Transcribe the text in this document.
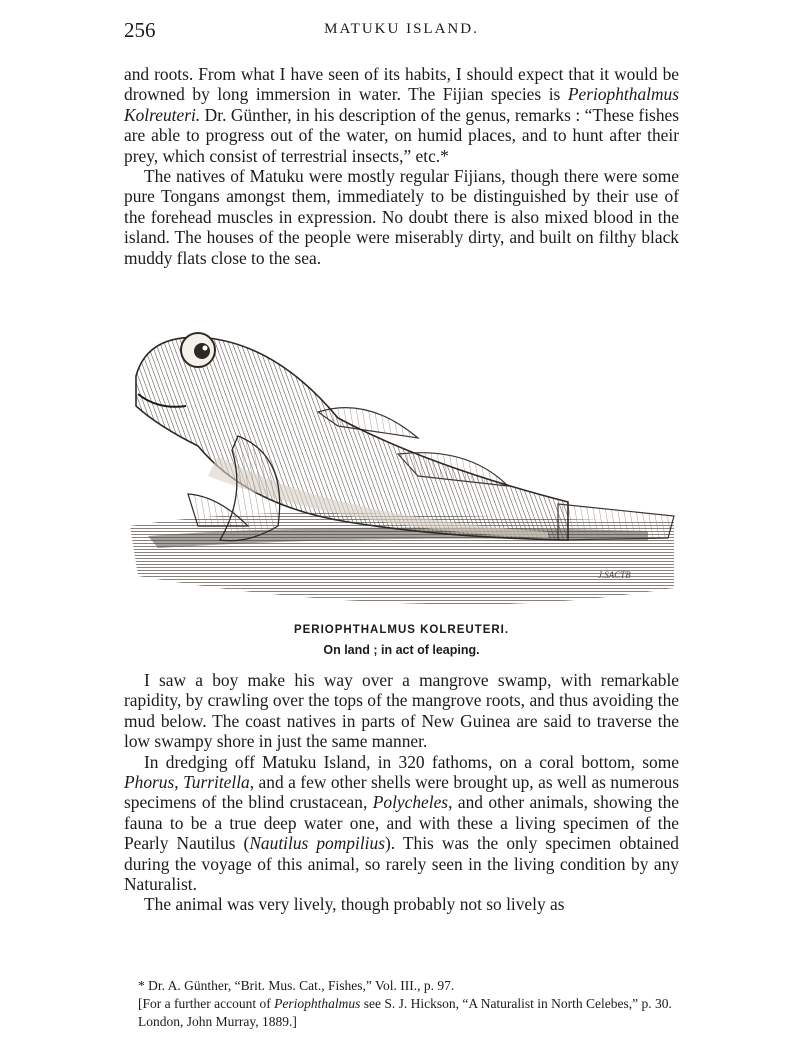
256	MATUKU ISLAND.

and roots. From what I have seen of its habits, I should expect that it would be drowned by long immersion in water. The Fijian species is Periophthalmus Kolreuteri. Dr. Günther, in his description of the genus, remarks : “These fishes are able to progress out of the water, on humid places, and to hunt after their prey, which consist of terrestrial insects,” etc.*

The natives of Matuku were mostly regular Fijians, though there were some pure Tongans amongst them, immediately to be distinguished by their use of the forehead muscles in expression. No doubt there is also mixed blood in the island. The houses of the people were miserably dirty, and built on filthy black muddy flats close to the sea.

J.SACTB
PERIOPHTHALMUS KOLREUTERI.
On land ; in act of leaping.

I saw a boy make his way over a mangrove swamp, with remarkable rapidity, by crawling over the tops of the mangrove roots, and thus avoiding the mud below. The coast natives in parts of New Guinea are said to traverse the low swampy shore in just the same manner.

In dredging off Matuku Island, in 320 fathoms, on a coral bottom, some Phorus, Turritella, and a few other shells were brought up, as well as numerous specimens of the blind crustacean, Polycheles, and other animals, showing the fauna to be a true deep water one, and with these a living specimen of the Pearly Nautilus (Nautilus pompilius). This was the only specimen obtained during the voyage of this animal, so rarely seen in the living condition by any Naturalist.

The animal was very lively, though probably not so lively as

* Dr. A. Günther, “Brit. Mus. Cat., Fishes,” Vol. III., p. 97.

[For a further account of Periophthalmus see S. J. Hickson, “A Naturalist in North Celebes,” p. 30. London, John Murray, 1889.]
